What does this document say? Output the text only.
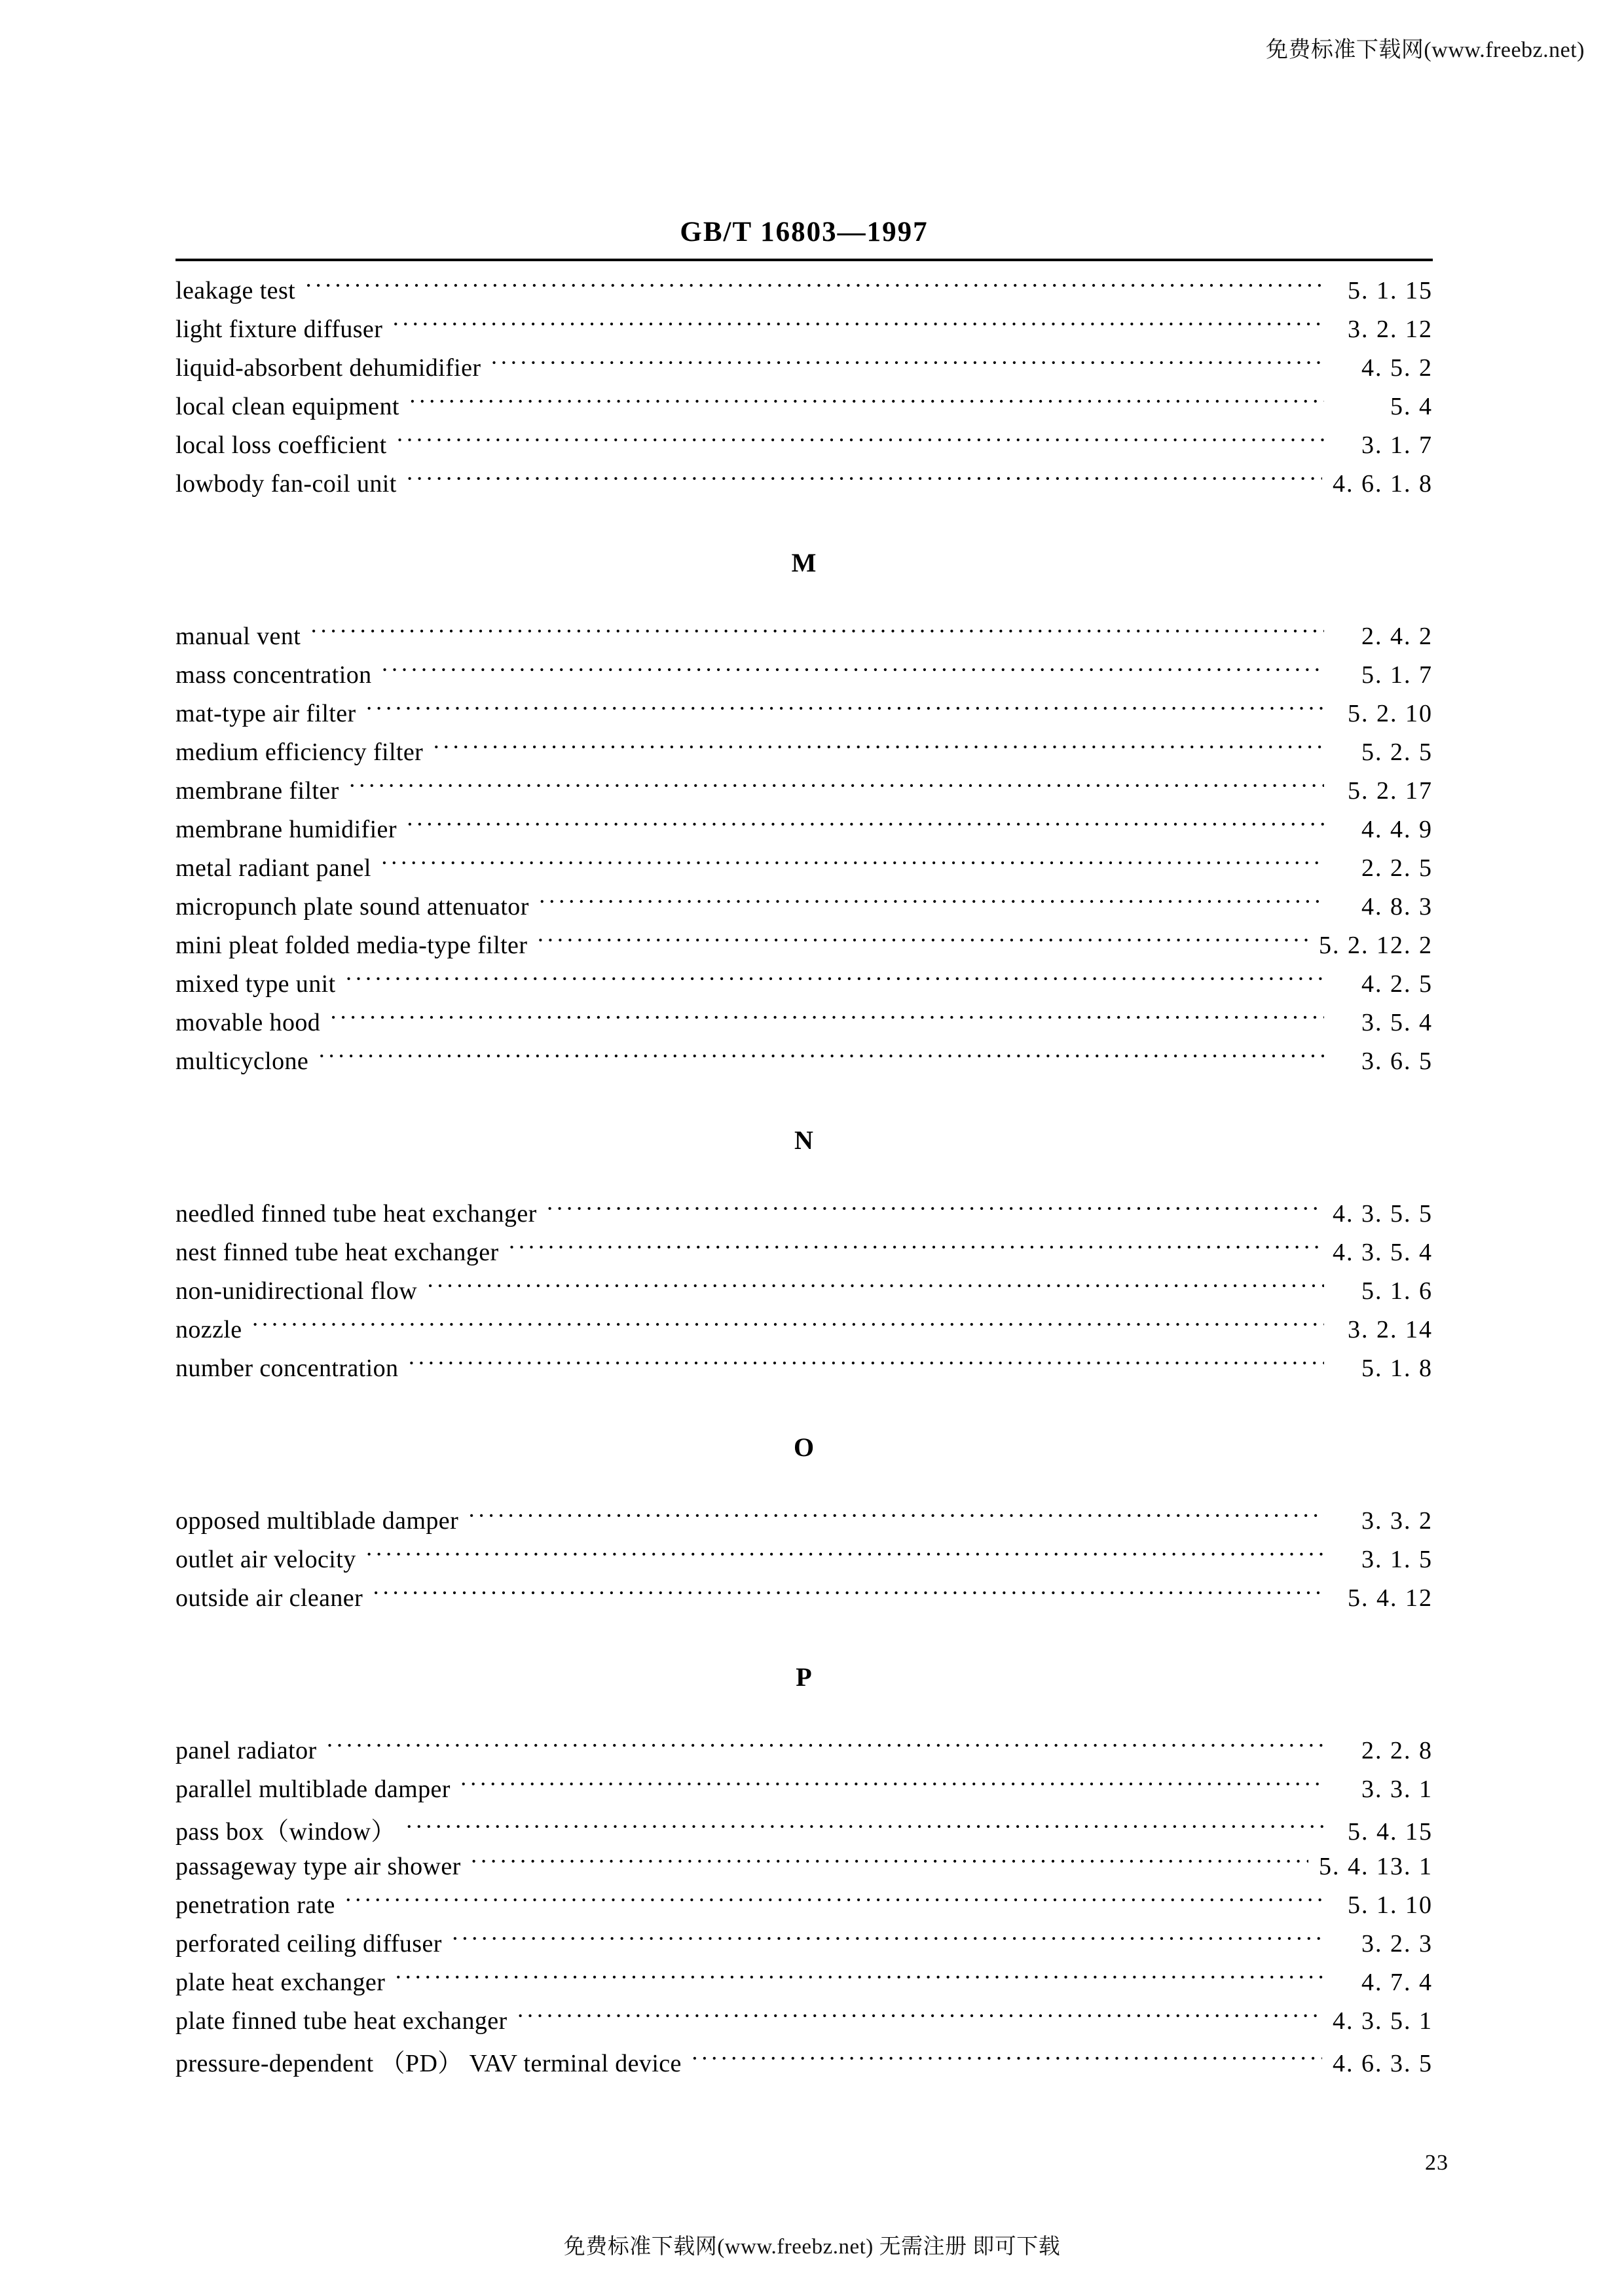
免费标准下载网(www.freebz.net)
GB/T 16803—1997
leakage test ·····	5. 1. 15
light fixture diffuser ·····	3. 2. 12
liquid-absorbent dehumidifier ·····	4. 5. 2
local clean equipment ·····	5. 4
local loss coefficient ·····	3. 1. 7
lowbody fan-coil unit ·····	4. 6. 1. 8
M
manual vent ·····	2. 4. 2
mass concentration ·····	5. 1. 7
mat-type air filter ·····	5. 2. 10
medium efficiency filter ·····	5. 2. 5
membrane filter ·····	5. 2. 17
membrane humidifier ·····	4. 4. 9
metal radiant panel ·····	2. 2. 5
micropunch plate sound attenuator ·····	4. 8. 3
mini pleat folded media-type filter ·····	5. 2. 12. 2
mixed type unit ·····	4. 2. 5
movable hood ·····	3. 5. 4
multicyclone ·····	3. 6. 5
N
needled finned tube heat exchanger ·····	4. 3. 5. 5
nest finned tube heat exchanger ·····	4. 3. 5. 4
non-unidirectional flow ·····	5. 1. 6
nozzle ·····	3. 2. 14
number concentration ·····	5. 1. 8
O
opposed multiblade damper ·····	3. 3. 2
outlet air velocity ·····	3. 1. 5
outside air cleaner ·····	5. 4. 12
P
panel radiator ·····	2. 2. 8
parallel multiblade damper ·····	3. 3. 1
pass box（window） ·····	5. 4. 15
passageway type air shower ·····	5. 4. 13. 1
penetration rate ·····	5. 1. 10
perforated ceiling diffuser ·····	3. 2. 3
plate heat exchanger ·····	4. 7. 4
plate finned tube heat exchanger ·····	4. 3. 5. 1
pressure-dependent （PD） VAV terminal device ·····	4. 6. 3. 5
23
免费标准下载网(www.freebz.net) 无需注册 即可下载
